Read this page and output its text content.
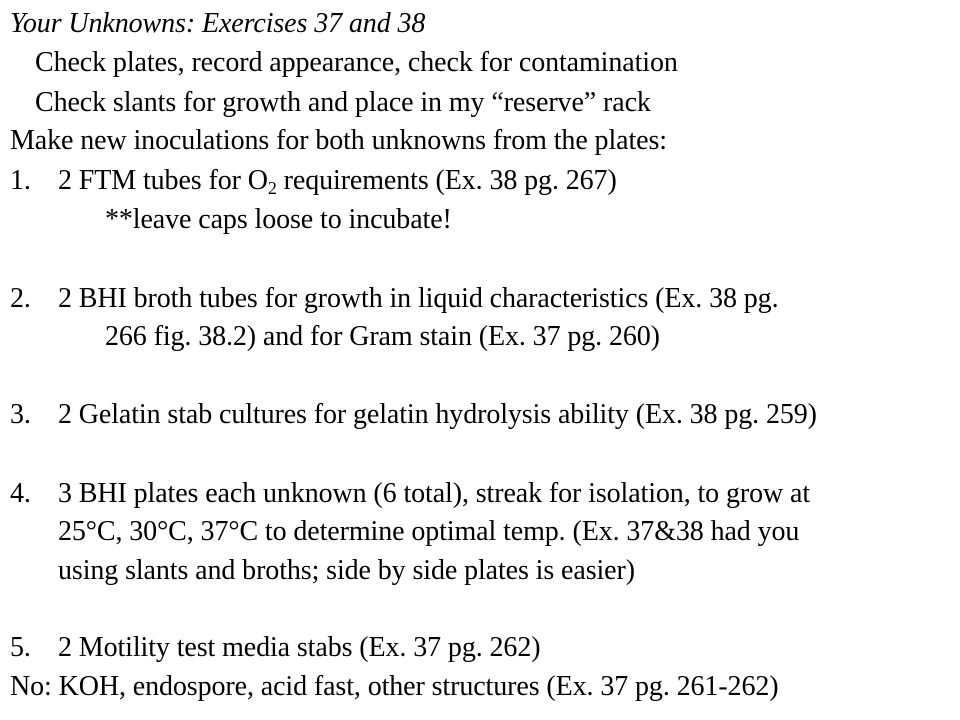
Your Unknowns: Exercises 37 and 38
Check plates, record appearance, check for contamination
Check slants for growth and place in my “reserve” rack
Make new inoculations for both unknowns from the plates:
1. 2 FTM tubes for $O_2$ requirements (Ex. 38 pg. 267)
**leave caps loose to incubate!
2. 2 BHI broth tubes for growth in liquid characteristics (Ex. 38 pg.
266 fig. 38.2) and for Gram stain (Ex. 37 pg. 260)
3. 2 Gelatin stab cultures for gelatin hydrolysis ability (Ex. 38 pg. 259)
4. 3 BHI plates each unknown (6 total), streak for isolation, to grow at
25°C, 30°C, 37°C to determine optimal temp. (Ex. 37&38 had you
using slants and broths; side by side plates is easier)
5. 2 Motility test media stabs (Ex. 37 pg. 262)
No: KOH, endospore, acid fast, other structures (Ex. 37 pg. 261-262)
